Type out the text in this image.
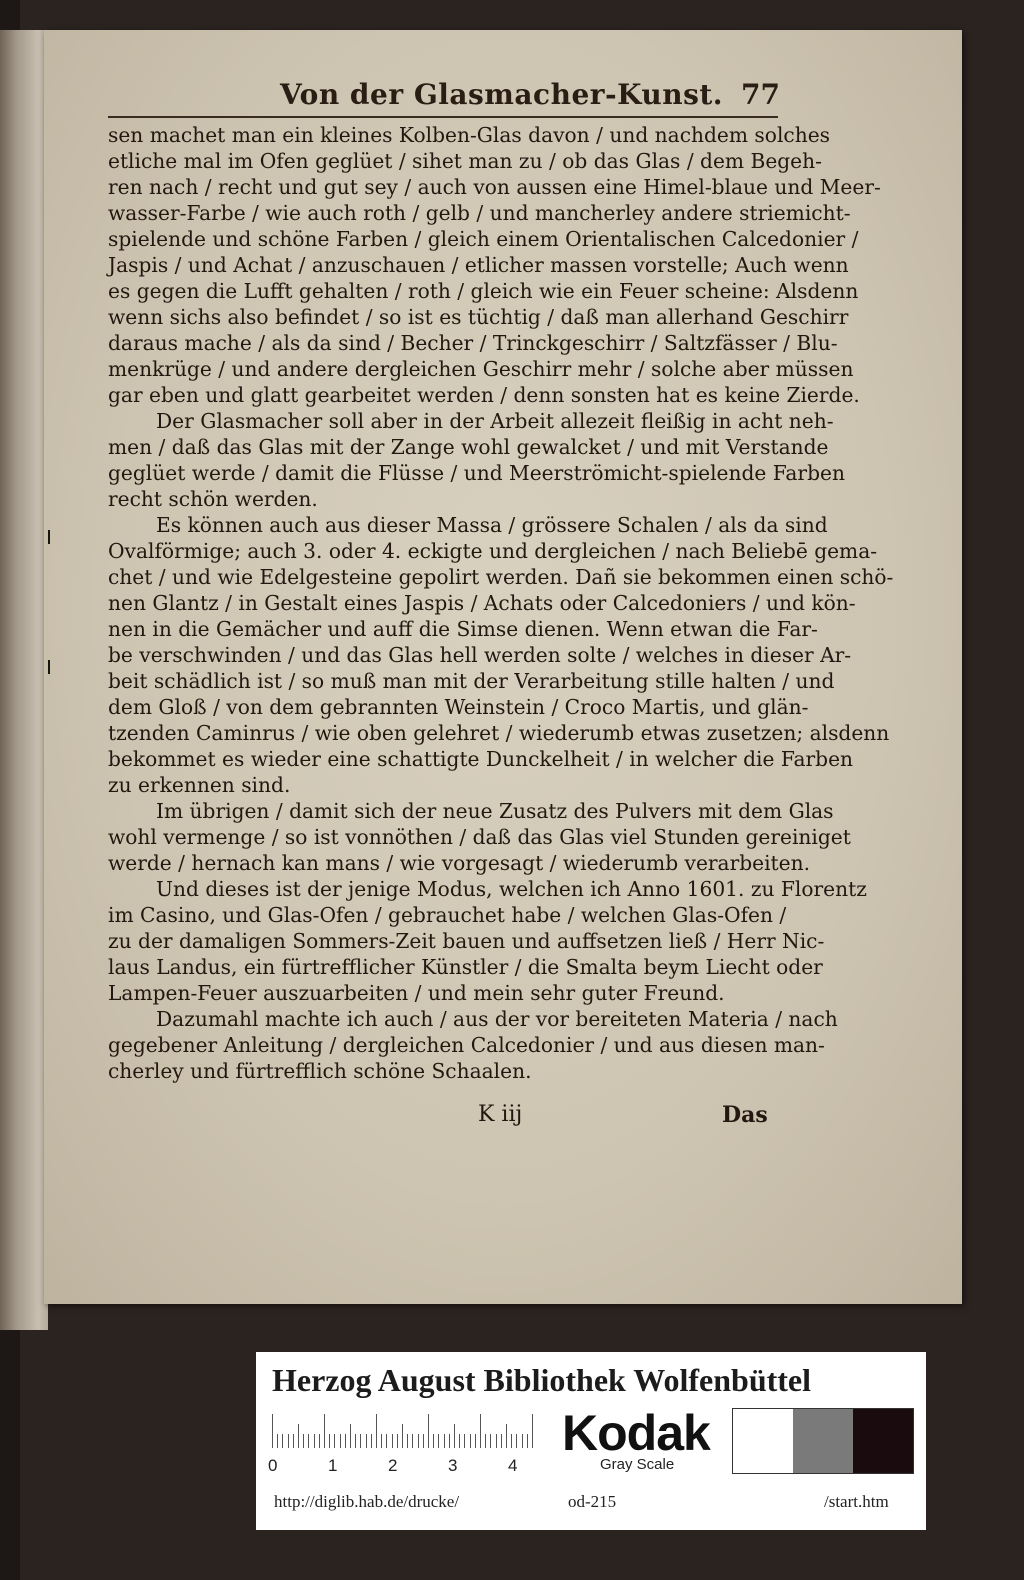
Von der Glasmacher-Kunst. 77
sen machet man ein kleines Kolben-Glas davon / und nachdem solches
etliche mal im Ofen geglüet / sihet man zu / ob das Glas / dem Begeh-
ren nach / recht und gut sey / auch von aussen eine Himel-blaue und Meer-
wasser-Farbe / wie auch roth / gelb / und mancherley andere striemicht-
spielende und schöne Farben / gleich einem Orientalischen Calcedonier /
Jaspis / und Achat / anzuschauen / etlicher massen vorstelle; Auch wenn
es gegen die Lufft gehalten / roth / gleich wie ein Feuer scheine: Alsdenn
wenn sichs also befindet / so ist es tüchtig / daß man allerhand Geschirr
daraus mache / als da sind / Becher / Trinckgeschirr / Saltzfässer / Blu-
menkrüge / und andere dergleichen Geschirr mehr / solche aber müssen
gar eben und glatt gearbeitet werden / denn sonsten hat es keine Zierde.
Der Glasmacher soll aber in der Arbeit allezeit fleißig in acht neh-
men / daß das Glas mit der Zange wohl gewalcket / und mit Verstande
geglüet werde / damit die Flüsse / und Meerströmicht-spielende Farben
recht schön werden.
Es können auch aus dieser Massa / grössere Schalen / als da sind
Ovalförmige; auch 3. oder 4. eckigte und dergleichen / nach Beliebē gema-
chet / und wie Edelgesteine gepolirt werden. Dañ sie bekommen einen schö-
nen Glantz / in Gestalt eines Jaspis / Achats oder Calcedoniers / und kön-
nen in die Gemächer und auff die Simse dienen. Wenn etwan die Far-
be verschwinden / und das Glas hell werden solte / welches in dieser Ar-
beit schädlich ist / so muß man mit der Verarbeitung stille halten / und
dem Gloß / von dem gebrannten Weinstein / Croco Martis, und glän-
tzenden Caminrus / wie oben gelehret / wiederumb etwas zusetzen; alsdenn
bekommet es wieder eine schattigte Dunckelheit / in welcher die Farben
zu erkennen sind.
Im übrigen / damit sich der neue Zusatz des Pulvers mit dem Glas
wohl vermenge / so ist vonnöthen / daß das Glas viel Stunden gereiniget
werde / hernach kan mans / wie vorgesagt / wiederumb verarbeiten.
Und dieses ist der jenige Modus, welchen ich Anno 1601. zu Florentz
im Casino, und Glas-Ofen / gebrauchet habe / welchen Glas-Ofen /
zu der damaligen Sommers-Zeit bauen und auffsetzen ließ / Herr Nic-
laus Landus, ein fürtrefflicher Künstler / die Smalta beym Liecht oder
Lampen-Feuer auszuarbeiten / und mein sehr guter Freund.
Dazumahl machte ich auch / aus der vor bereiteten Materia / nach
gegebener Anleitung / dergleichen Calcedonier / und aus diesen man-
cherley und fürtrefflich schöne Schaalen.
K iij	Das
Herzog August Bibliothek Wolfenbüttel
0	1	2	3	4
Kodak
Gray Scale
http://diglib.hab.de/drucke/	od-215	/start.htm
